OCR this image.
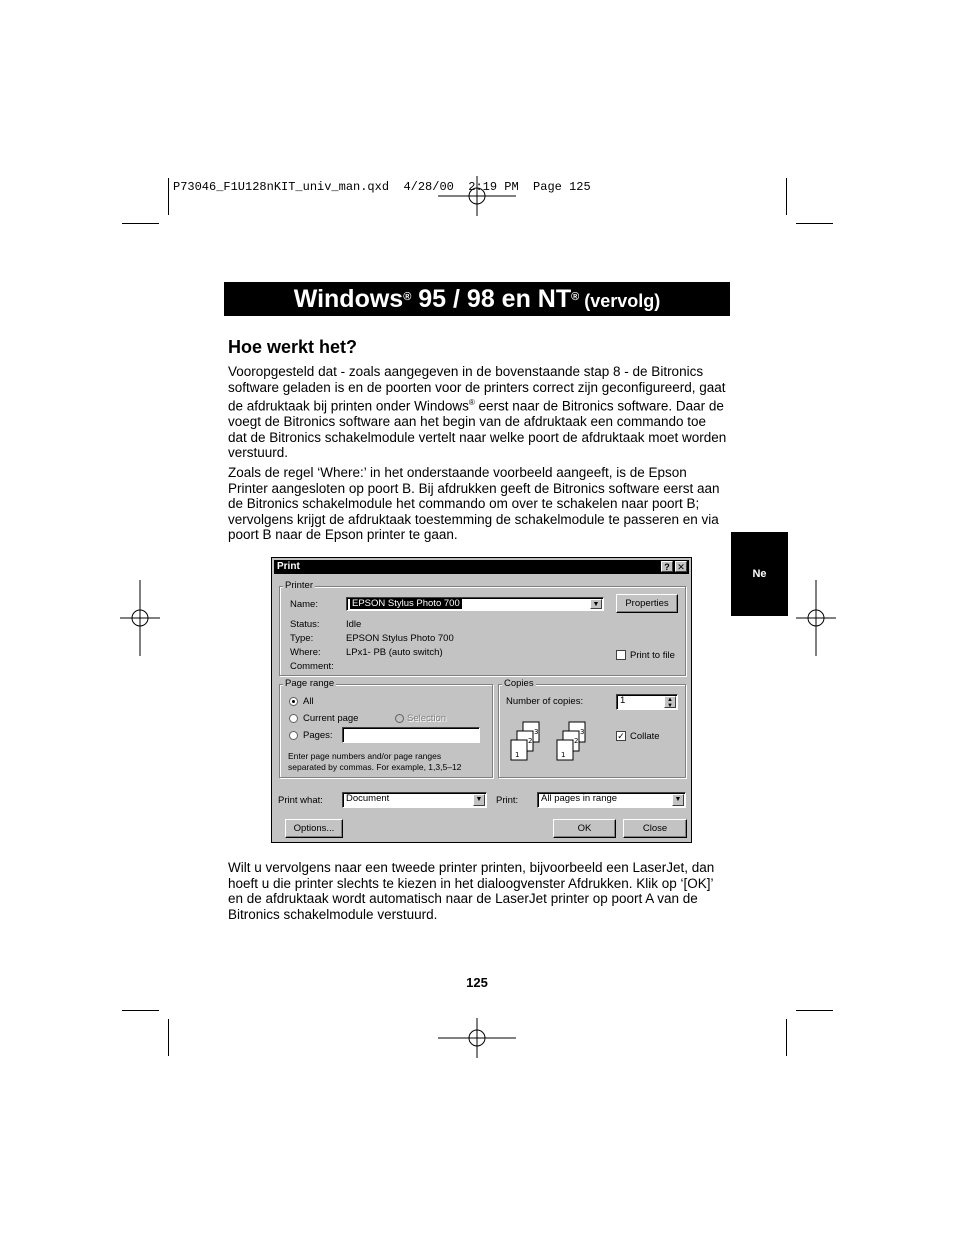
P73046_F1U128nKIT_univ_man.qxd  4/28/00  2:19 PM  Page 125
Windows® 95 / 98 en NT® (vervolg)
Hoe werkt het?
Vooropgesteld dat - zoals aangegeven in de bovenstaande stap 8 - de Bitronics software geladen is en de poorten voor de printers correct zijn geconfigureerd, gaat de afdruktaak bij printen onder Windows® eerst naar de Bitronics software. Daar de voegt de Bitronics software aan het begin van de afdruktaak een commando toe dat de Bitronics schakelmodule vertelt naar welke poort de afdruktaak moet worden verstuurd.
Zoals de regel ‘Where:’ in het onderstaande voorbeeld aangeeft, is de Epson Printer aangesloten op poort B. Bij afdrukken geeft de Bitronics software eerst aan de Bitronics schakelmodule het commando om over te schakelen naar poort B; vervolgens krijgt de afdruktaak toestemming de schakelmodule te passeren en via poort B naar de Epson printer te gaan.
Ne
Print	? ✕
Printer
Name:	EPSON Stylus Photo 700	▼	Properties
Status:	Idle
Type:	EPSON Stylus Photo 700
Where:	LPx1- PB (auto switch)
Comment:
Print to file
Page range
All
Current page	Selection
Pages:
Enter page numbers and/or page ranges
separated by commas. For example, 1,3,5–12
Copies
Number of copies:	1	▲
▼
3
2
1
3
2
1
✓ Collate
Print what:	Document	▼ Print:	All pages in range	▼
Options...	OK	Close
Wilt u vervolgens naar een tweede printer printen, bijvoorbeeld een LaserJet, dan hoeft u die printer slechts te kiezen in het dialoogvenster Afdrukken. Klik op ‘[OK]’ en de afdruktaak wordt automatisch naar de LaserJet printer op poort A van de Bitronics schakelmodule verstuurd.
125
